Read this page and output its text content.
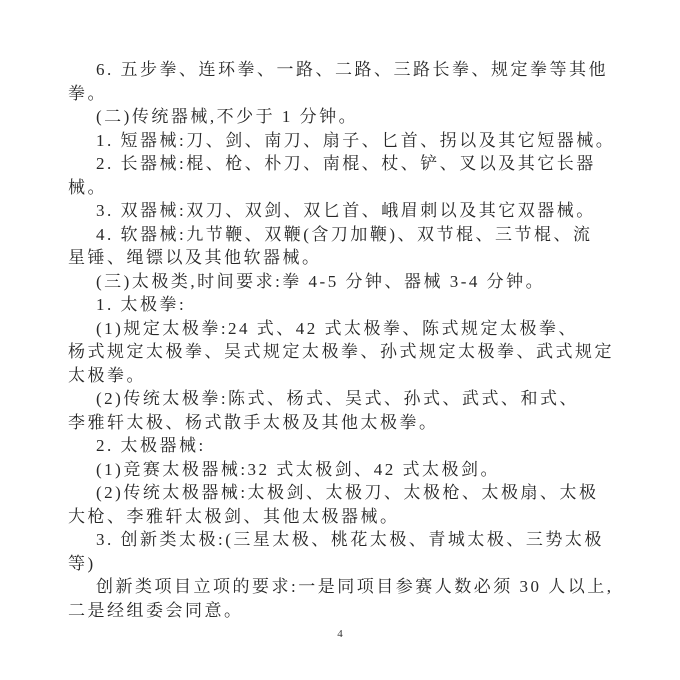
6. 五步拳、连环拳、一路、二路、三路长拳、规定拳等其他
拳。
(二)传统器械,不少于 1 分钟。
1. 短器械:刀、剑、南刀、扇子、匕首、拐以及其它短器械。
2. 长器械:棍、枪、朴刀、南棍、杖、铲、叉以及其它长器
械。
3. 双器械:双刀、双剑、双匕首、峨眉刺以及其它双器械。
4. 软器械:九节鞭、双鞭(含刀加鞭)、双节棍、三节棍、流
星锤、绳镖以及其他软器械。
(三)太极类,时间要求:拳 4-5 分钟、器械 3-4 分钟。
1. 太极拳:
(1)规定太极拳:24 式、42 式太极拳、陈式规定太极拳、
杨式规定太极拳、吴式规定太极拳、孙式规定太极拳、武式规定
太极拳。
(2)传统太极拳:陈式、杨式、吴式、孙式、武式、和式、
李雅轩太极、杨式散手太极及其他太极拳。
2. 太极器械:
(1)竞赛太极器械:32 式太极剑、42 式太极剑。
(2)传统太极器械:太极剑、太极刀、太极枪、太极扇、太极
大枪、李雅轩太极剑、其他太极器械。
3. 创新类太极:(三星太极、桃花太极、青城太极、三势太极
等)
创新类项目立项的要求:一是同项目参赛人数必须 30 人以上,
二是经组委会同意。
4
